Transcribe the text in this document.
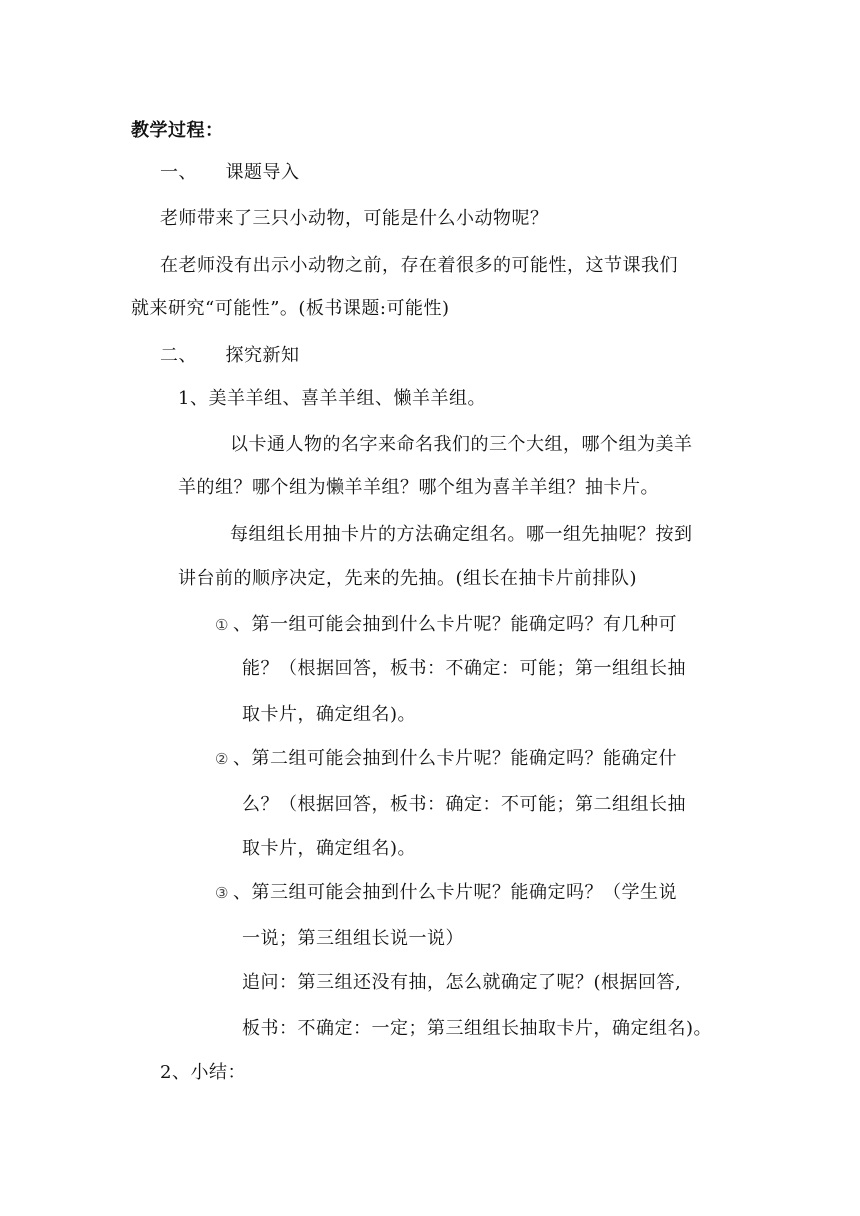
教学过程：
一、 课题导入
老师带来了三只小动物，可能是什么小动物呢？
在老师没有出示小动物之前，存在着很多的可能性，这节课我们
就来研究“可能性”。(板书课题:可能性)
二、 探究新知
1、美羊羊组、喜羊羊组、懒羊羊组。
以卡通人物的名字来命名我们的三个大组，哪个组为美羊
羊的组？哪个组为懒羊羊组？哪个组为喜羊羊组？抽卡片。
每组组长用抽卡片的方法确定组名。哪一组先抽呢？按到
讲台前的顺序决定，先来的先抽。(组长在抽卡片前排队)
① 、第一组可能会抽到什么卡片呢？能确定吗？有几种可
能？（根据回答，板书：不确定：可能；第一组组长抽
取卡片，确定组名)。
② 、第二组可能会抽到什么卡片呢？能确定吗？能确定什
么？（根据回答，板书：确定：不可能；第二组组长抽
取卡片，确定组名)。
③ 、第三组可能会抽到什么卡片呢？能确定吗？（学生说
一说；第三组组长说一说）
追问：第三组还没有抽，怎么就确定了呢？(根据回答,
板书：不确定：一定；第三组组长抽取卡片，确定组名)。
2、小结：
